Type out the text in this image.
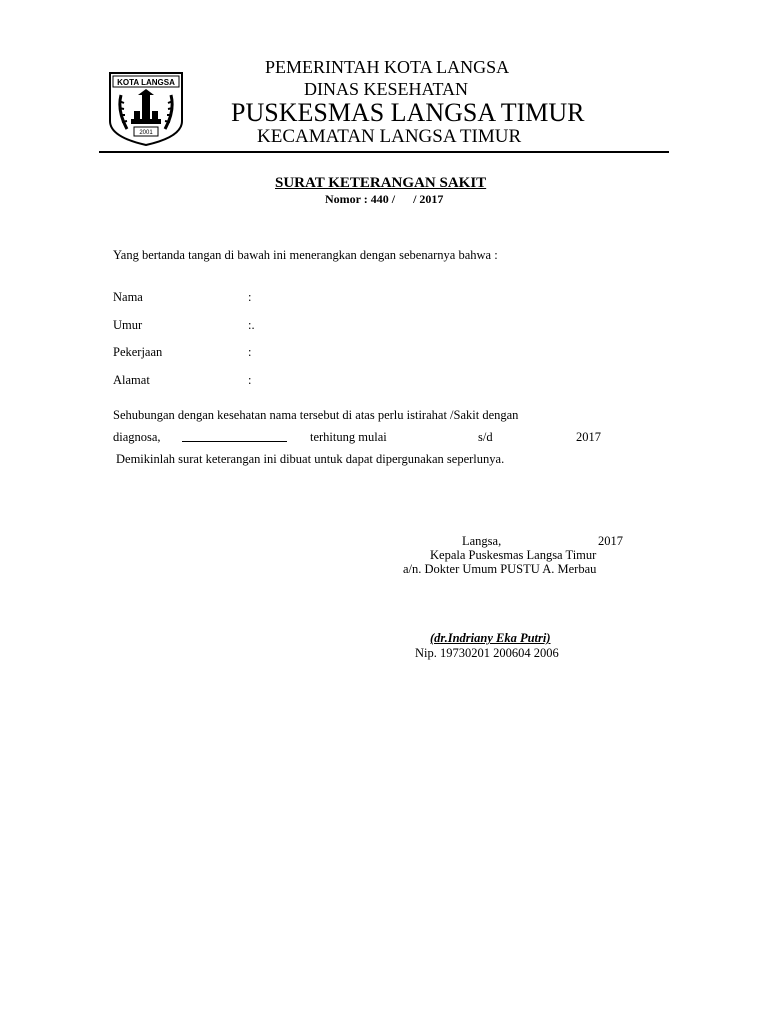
KOTA LANGSA
2001
PEMERINTAH KOTA LANGSA
DINAS KESEHATAN
PUSKESMAS LANGSA TIMUR
KECAMATAN LANGSA TIMUR
SURAT KETERANGAN SAKIT
Nomor : 440 /      / 2017
Yang bertanda tangan di bawah ini menerangkan dengan sebenarnya bahwa :
Nama	:
Umur	:.
Pekerjaan	:
Alamat	:
Sehubungan dengan kesehatan nama tersebut di atas perlu istirahat /Sakit dengan
diagnosa,	terhitung mulai	s/d	2017
Demikinlah surat keterangan ini dibuat untuk dapat dipergunakan seperlunya.
Langsa,	2017
Kepala Puskesmas Langsa Timur
a/n. Dokter Umum PUSTU A. Merbau
(dr.Indriany Eka Putri)
Nip. 19730201 200604 2006
